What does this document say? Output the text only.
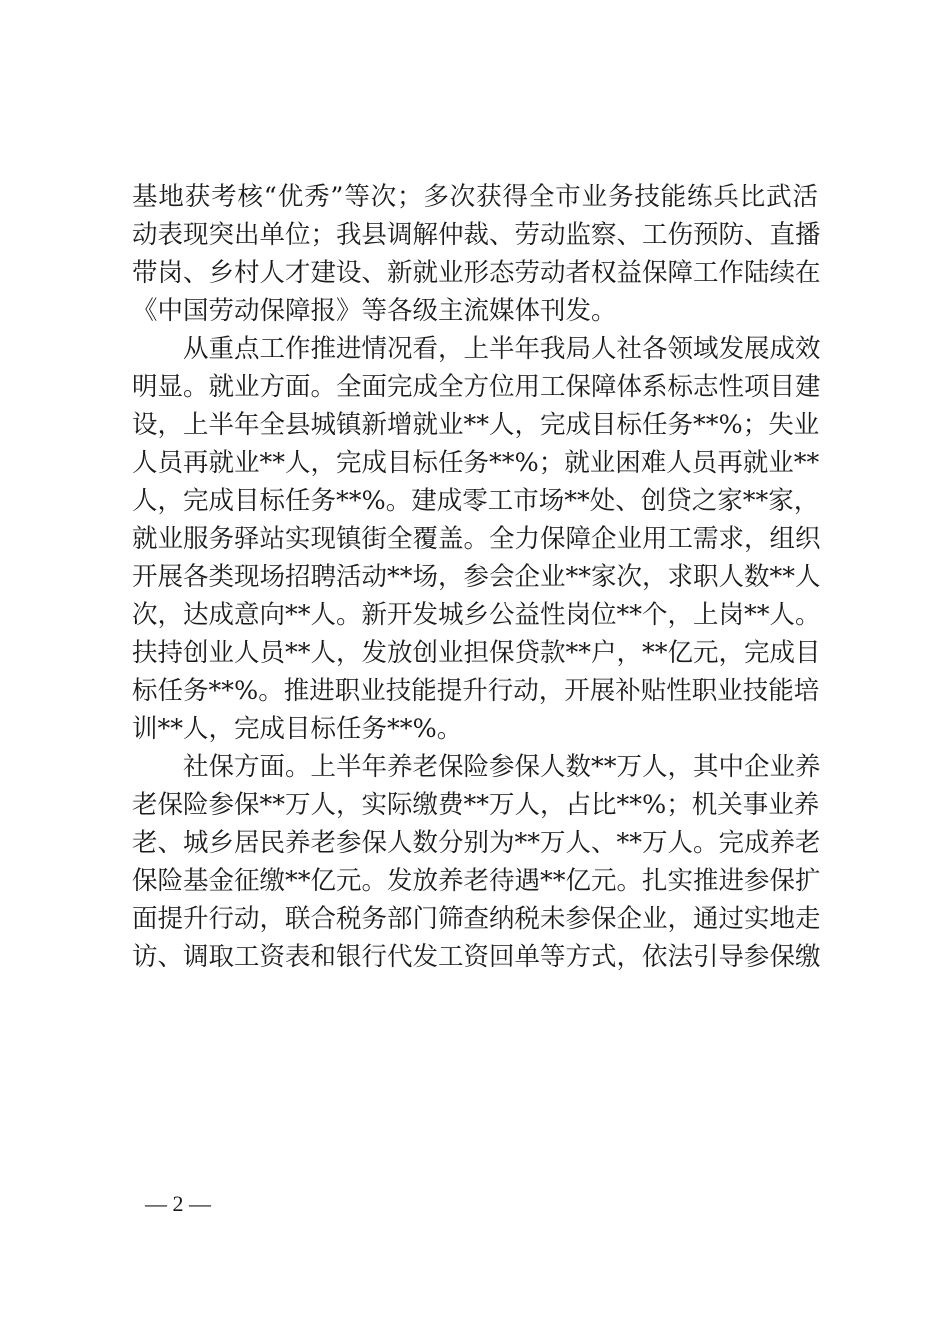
基地获考核“优秀”等次；多次获得全市业务技能练兵比武活
动表现突出单位；我县调解仲裁、劳动监察、工伤预防、直播
带岗、乡村人才建设、新就业形态劳动者权益保障工作陆续在
《中国劳动保障报》等各级主流媒体刊发。
　　从重点工作推进情况看，上半年我局人社各领域发展成效
明显。就业方面。全面完成全方位用工保障体系标志性项目建
设，上半年全县城镇新增就业**人，完成目标任务**%；失业
人员再就业**人，完成目标任务**%；就业困难人员再就业**
人，完成目标任务**%。建成零工市场**处、创贷之家**家，
就业服务驿站实现镇街全覆盖。全力保障企业用工需求，组织
开展各类现场招聘活动**场，参会企业**家次，求职人数**人
次，达成意向**人。新开发城乡公益性岗位**个，上岗**人。
扶持创业人员**人，发放创业担保贷款**户，**亿元，完成目
标任务**%。推进职业技能提升行动，开展补贴性职业技能培
训**人，完成目标任务**%。
　　社保方面。上半年养老保险参保人数**万人，其中企业养
老保险参保**万人，实际缴费**万人，占比**%；机关事业养
老、城乡居民养老参保人数分别为**万人、**万人。完成养老
保险基金征缴**亿元。发放养老待遇**亿元。扎实推进参保扩
面提升行动，联合税务部门筛查纳税未参保企业，通过实地走
访、调取工资表和银行代发工资回单等方式，依法引导参保缴
— 2 —
